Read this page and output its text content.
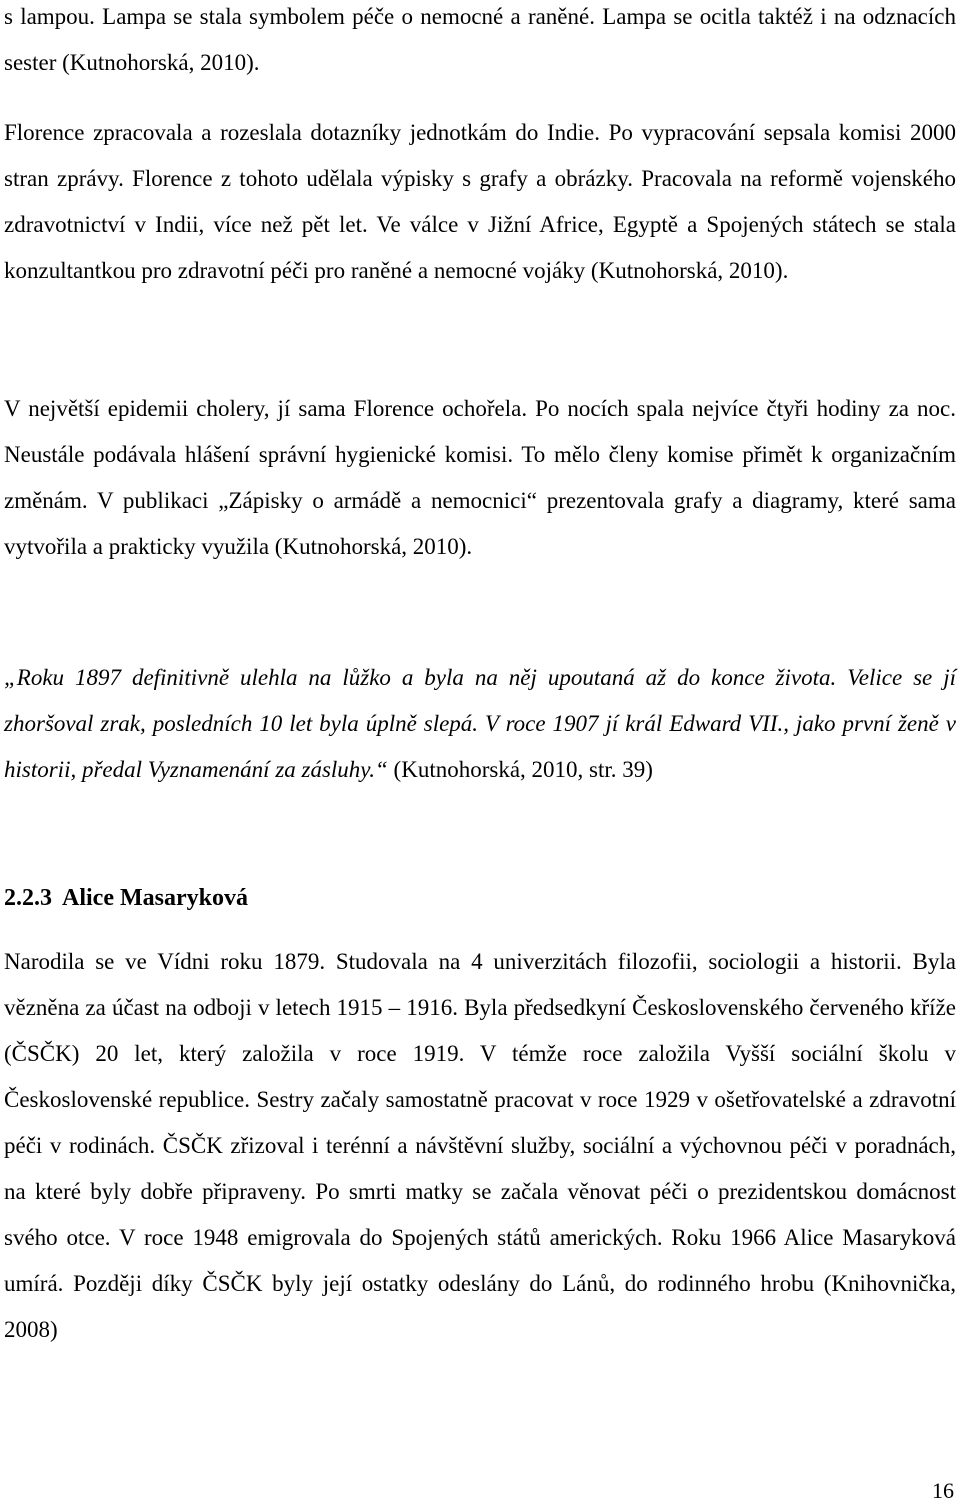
s lampou. Lampa se stala symbolem péče o nemocné a raněné. Lampa se ocitla taktéž i na odznacích sester (Kutnohorská, 2010).

Florence zpracovala a rozeslala dotazníky jednotkám do Indie. Po vypracování sepsala komisi 2000 stran zprávy. Florence z tohoto udělala výpisky s grafy a obrázky. Pracovala na reformě vojenského zdravotnictví v Indii, více než pět let. Ve válce v Jižní Africe, Egyptě a Spojených státech se stala konzultantkou pro zdravotní péči pro raněné a nemocné vojáky (Kutnohorská, 2010).

V největší epidemii cholery, jí sama Florence ochořela. Po nocích spala nejvíce čtyři hodiny za noc. Neustále podávala hlášení správní hygienické komisi. To mělo členy komise přimět k organizačním změnám. V publikaci „Zápisky o armádě a nemocnici“ prezentovala grafy a diagramy, které sama vytvořila a prakticky využila (Kutnohorská, 2010).

„Roku 1897 definitivně ulehla na lůžko a byla na něj upoutaná až do konce života. Velice se jí zhoršoval zrak, posledních 10 let byla úplně slepá. V roce 1907 jí král Edward VII., jako první ženě v historii, předal Vyznamenání za zásluhy.“ (Kutnohorská, 2010, str. 39)

2.2.3 Alice Masaryková

Narodila se ve Vídni roku 1879. Studovala na 4 univerzitách filozofii, sociologii a historii. Byla vězněna za účast na odboji v letech 1915 – 1916. Byla předsedkyní Československého červeného kříže (ČSČK) 20 let, který založila v roce 1919. V témže roce založila Vyšší sociální školu v Československé republice. Sestry začaly samostatně pracovat v roce 1929 v ošetřovatelské a zdravotní péči v rodinách. ČSČK zřizoval i terénní a návštěvní služby, sociální a výchovnou péči v poradnách, na které byly dobře připraveny. Po smrti matky se začala věnovat péči o prezidentskou domácnost svého otce. V roce 1948 emigrovala do Spojených států amerických. Roku 1966 Alice Masaryková umírá. Později díky ČSČK byly její ostatky odeslány do Lánů, do rodinného hrobu (Knihovnička, 2008)

16
